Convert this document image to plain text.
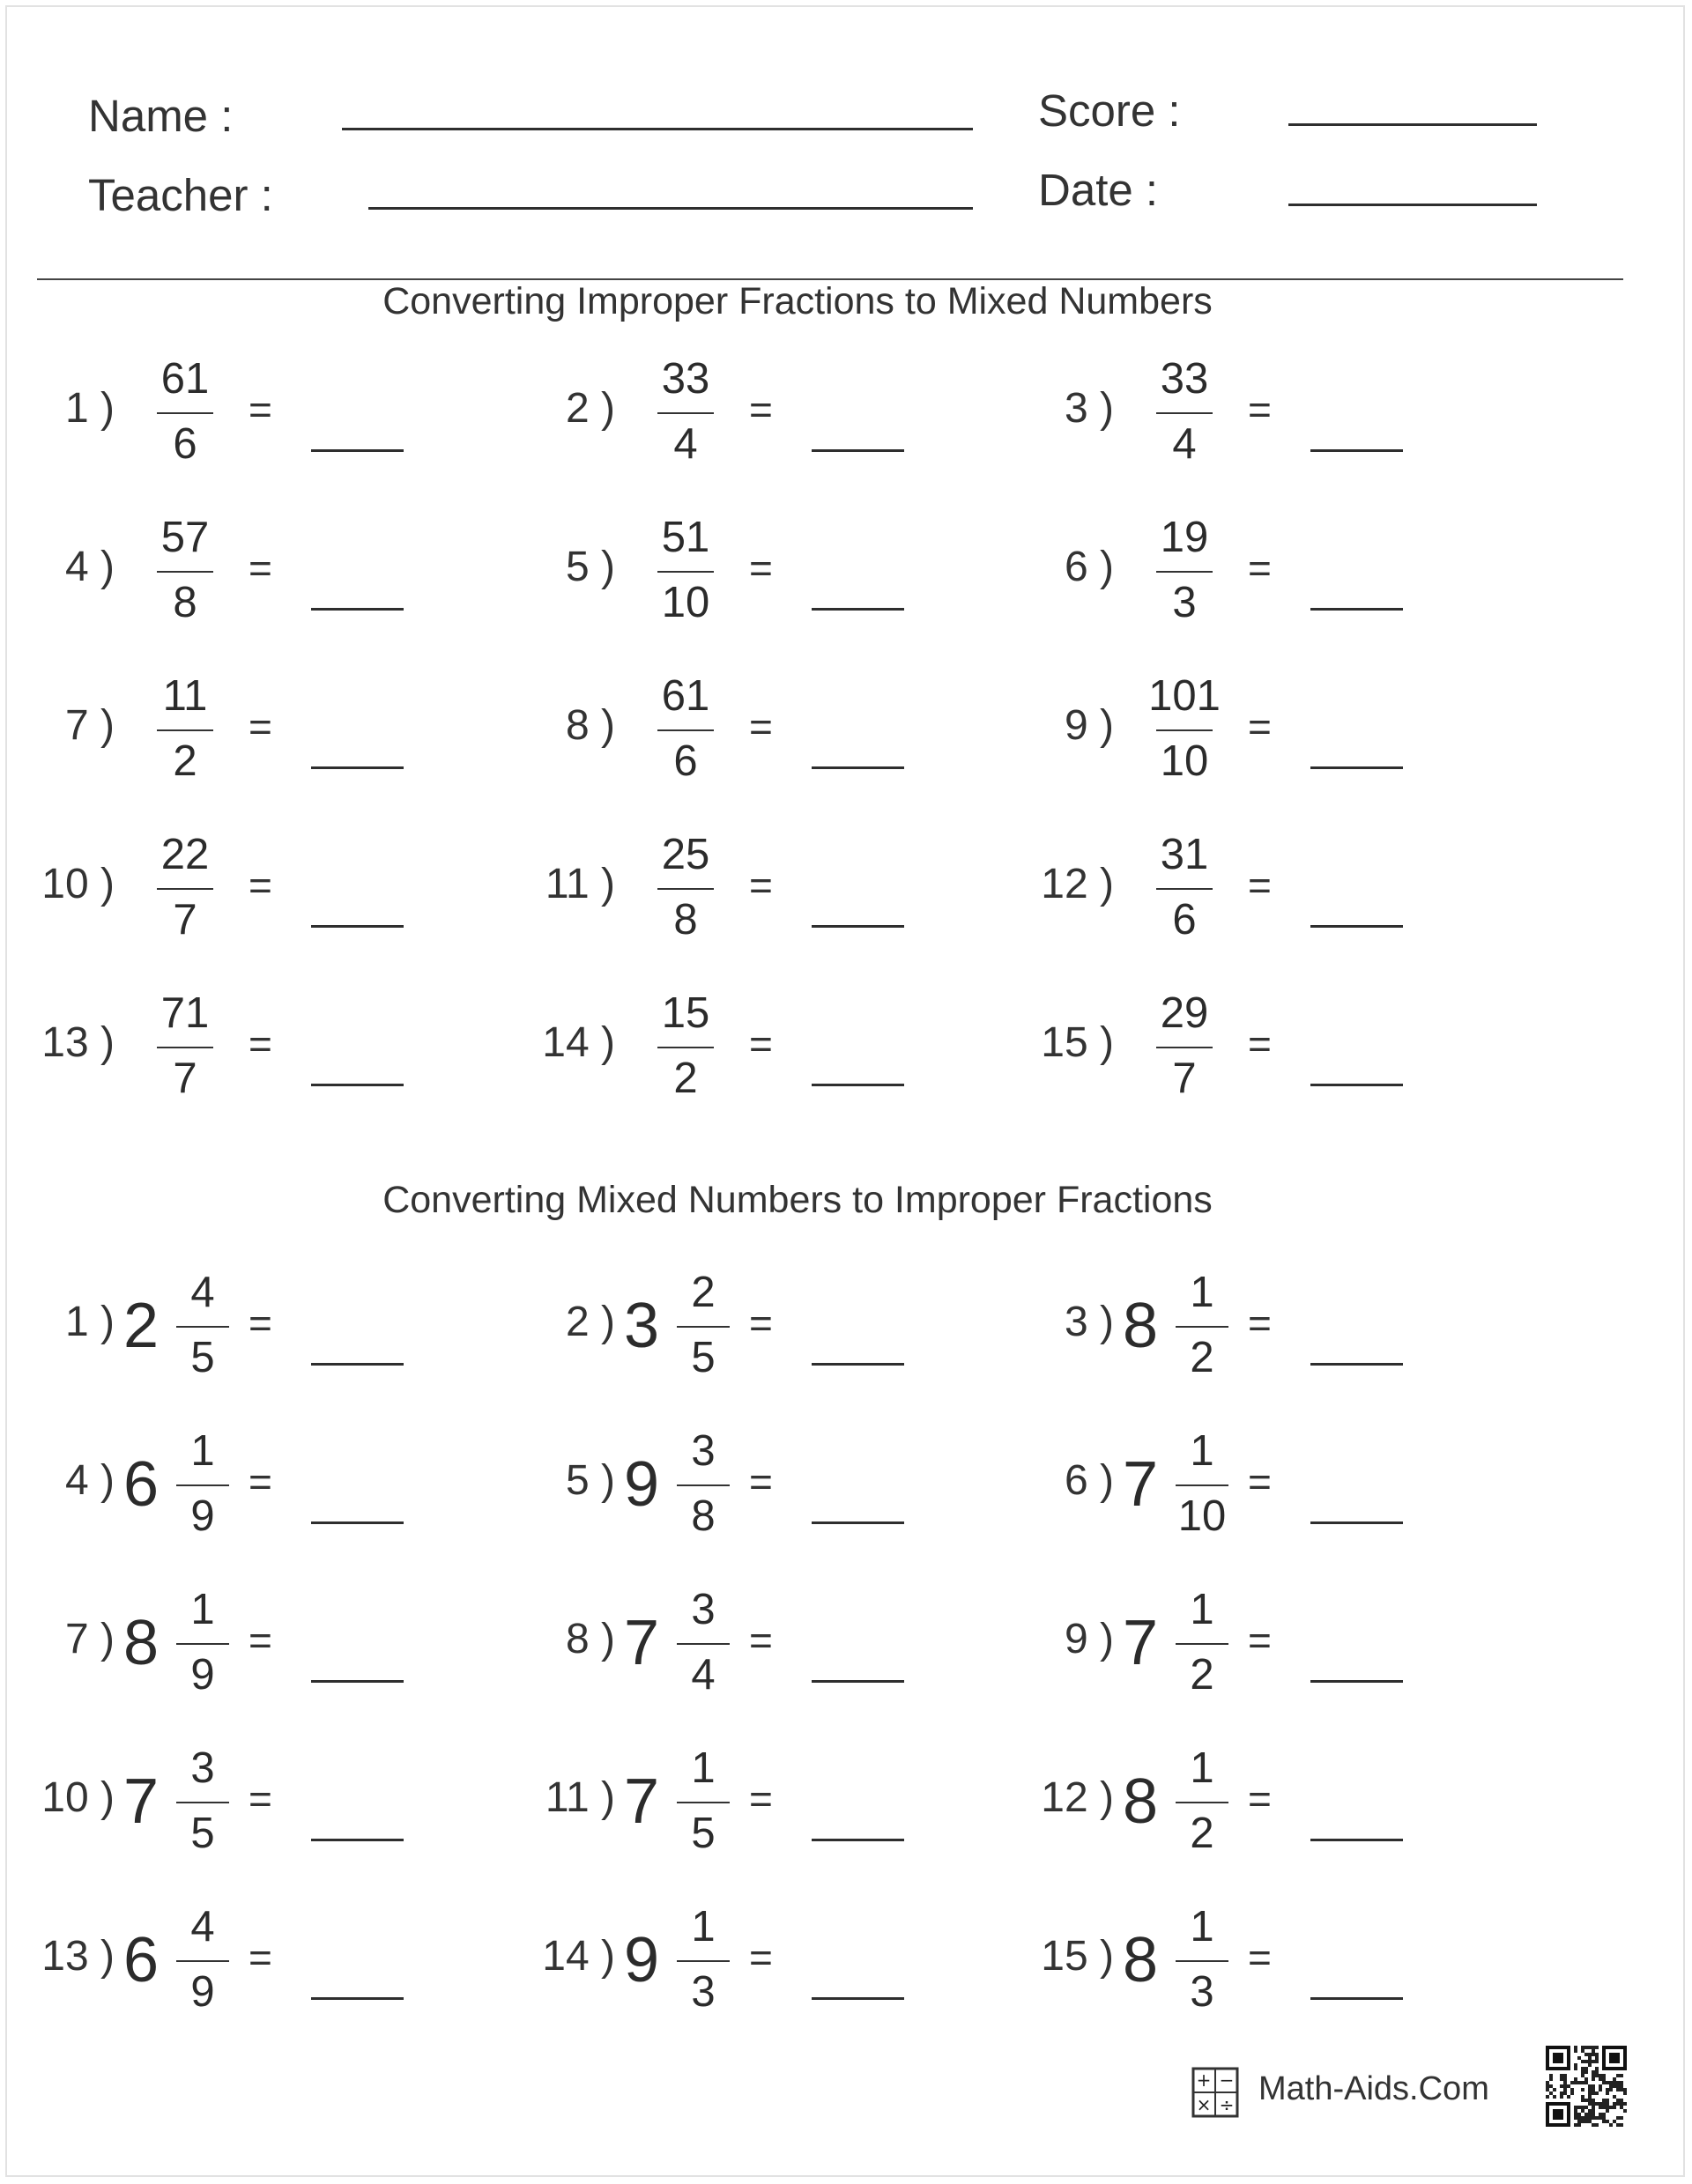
Name :
Teacher :
Score :
Date :
Converting Improper Fractions to Mixed Numbers
Converting Mixed Numbers to Improper Fractions
1 )
61
6
=	2 )
33
4
=	3 )
33
4
=
4 )
57
8
=	5 )
51
10
=	6 )
19
3
=
7 )
11
2
=	8 )
61
6
=	9 )
101
10
=
10 )
22
7
=	11 )
25
8
=	12 )
31
6
=
13 )
71
7
=	14 )
15
2
=	15 )
29
7
=
1 ) 2 4
5
=	2 ) 3 2
5
=	3 ) 8 1
2
=
4 ) 6 1
9
=	5 ) 9 3
8
=	6 ) 7 1
10
=
7 ) 8 1
9
=	8 ) 7 3
4
=	9 ) 7 1
2
=
10 ) 7 3
5
=	11 ) 7 1
5
=	12 ) 8 1
2
=
13 ) 6 4
9
=	14 ) 9 1
3
=	15 ) 8 1
3
=
+ −
× ÷ Math-Aids.Com
